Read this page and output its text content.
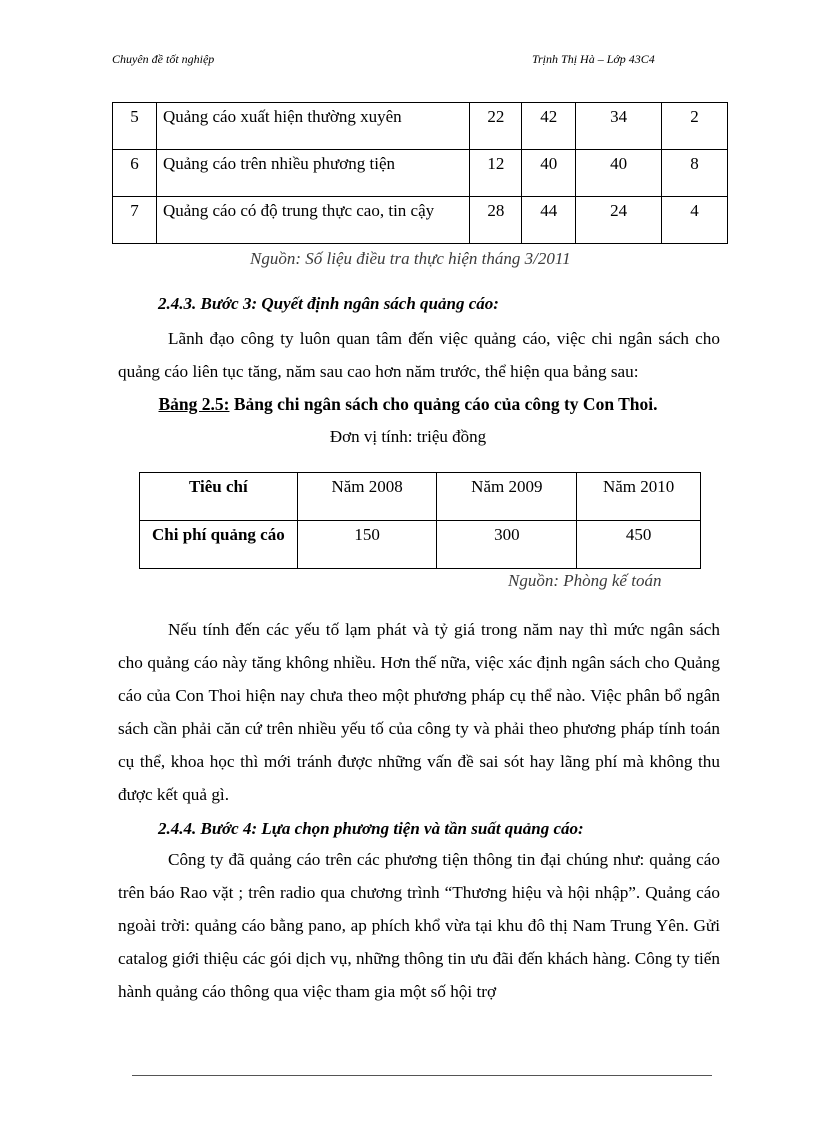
Chuyên đề tốt nghiệp	Trịnh Thị Hà – Lớp 43C4
5	Quảng cáo xuất hiện thường xuyên	22	42	34	2
6	Quảng cáo trên nhiều phương tiện	12	40	40	8
7	Quảng cáo có độ trung thực cao, tin cậy	28	44	24	4
Nguồn: Số liệu điều tra thực hiện tháng 3/2011
2.4.3. Bước 3: Quyết định ngân sách quảng cáo:

Lãnh đạo công ty luôn quan tâm đến việc quảng cáo, việc chi ngân sách cho quảng cáo liên tục tăng, năm sau cao hơn năm trước, thể hiện qua bảng sau:

Bảng 2.5: Bảng chi ngân sách cho quảng cáo của công ty Con Thoi.
Đơn vị tính: triệu đồng
Tiêu chí	Năm 2008	Năm 2009	Năm 2010
Chi phí quảng cáo	150	300	450
Nguồn: Phòng kế toán

Nếu tính đến các yếu tố lạm phát và tỷ giá trong năm nay thì mức ngân sách cho quảng cáo này tăng không nhiều. Hơn thế nữa, việc xác định ngân sách cho Quảng cáo của Con Thoi hiện nay chưa theo một phương pháp cụ thể nào. Việc phân bổ ngân sách cần phải căn cứ trên nhiều yếu tố của công ty và phải theo phương pháp tính toán cụ thể, khoa học thì mới tránh được những vấn đề sai sót hay lãng phí mà không thu được kết quả gì.

2.4.4. Bước 4: Lựa chọn phương tiện và tần suất quảng cáo:

Công ty đã quảng cáo trên các phương tiện thông tin đại chúng như: quảng cáo trên báo Rao vặt ; trên radio qua chương trình “Thương hiệu và hội nhập”. Quảng cáo ngoài trời: quảng cáo bằng pano, ap phích khổ vừa tại khu đô thị Nam Trung Yên. Gửi catalog giới thiệu các gói dịch vụ, những thông tin ưu đãi đến khách hàng. Công ty tiến hành quảng cáo thông qua việc tham gia một số hội trợ
